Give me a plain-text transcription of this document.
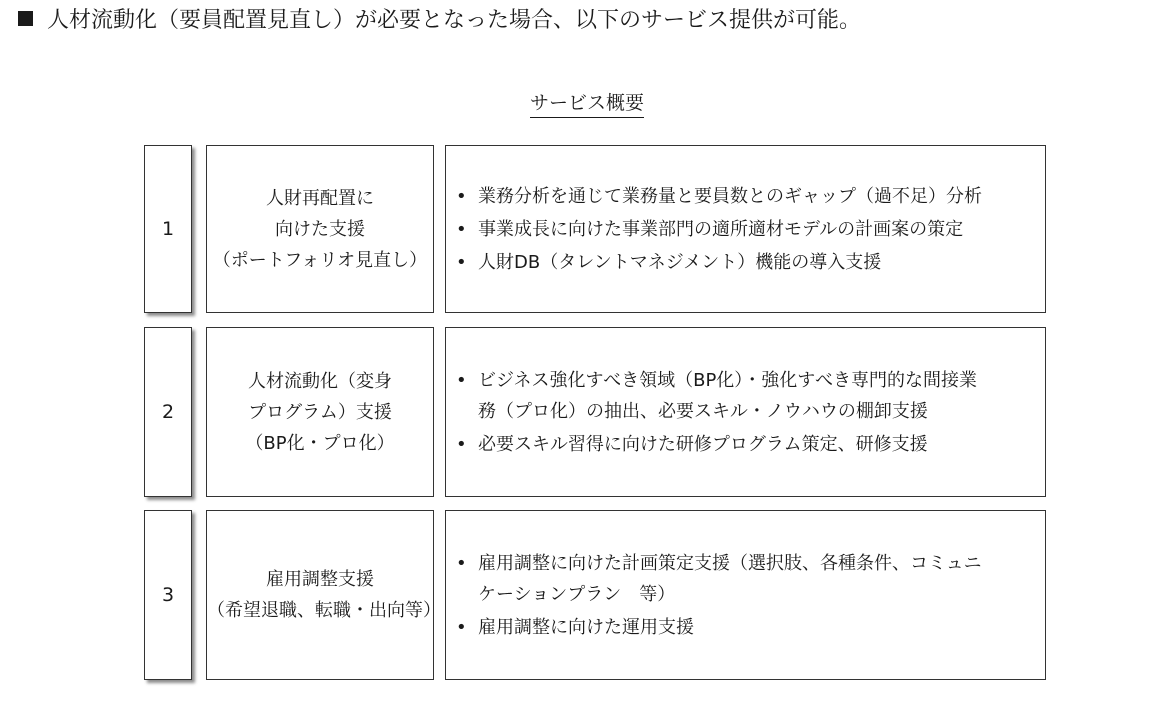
人材流動化（要員配置見直し）が必要となった場合、以下のサービス提供が可能。
サービス概要
1
人財再配置に
向けた支援
（ポートフォリオ見直し）
• 業務分析を通じて業務量と要員数とのギャップ（過不足）分析
• 事業成長に向けた事業部門の適所適材モデルの計画案の策定
• 人財DB（タレントマネジメント）機能の導入支援
2
人材流動化（変身
プログラム）支援
（BP化・プロ化）
• ビジネス強化すべき領域（BP化）・強化すべき専門的な間接業
務（プロ化）の抽出、必要スキル・ノウハウの棚卸支援
• 必要スキル習得に向けた研修プログラム策定、研修支援
3
雇用調整支援
（希望退職、転職・出向等）
• 雇用調整に向けた計画策定支援（選択肢、各種条件、コミュニ
ケーションプラン　等）
• 雇用調整に向けた運用支援
